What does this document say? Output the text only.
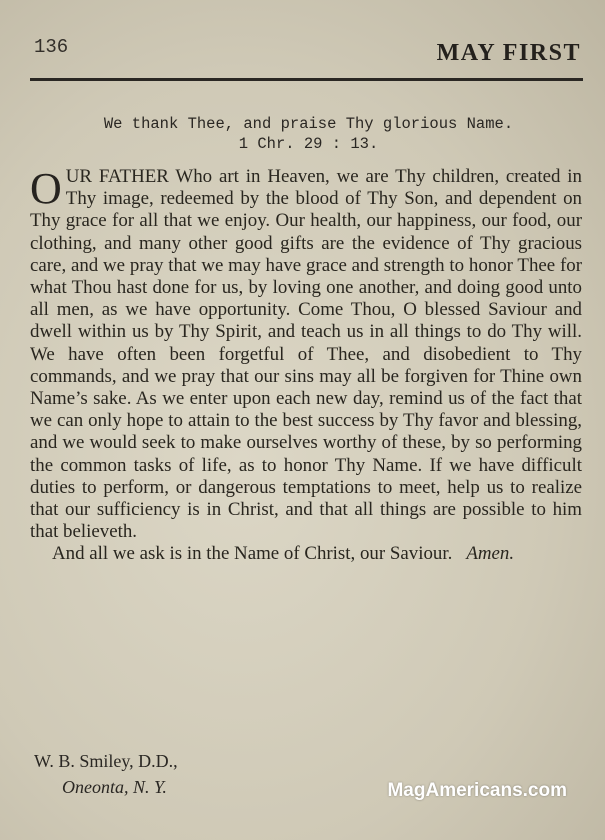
136	MAY FIRST
We thank Thee, and praise Thy glorious Name.
1 Chr. 29 : 13.

OUR FATHER Who art in Heaven, we are Thy children, created in Thy image, redeemed by the blood of Thy Son, and dependent on Thy grace for all that we enjoy. Our health, our happiness, our food, our clothing, and many other good gifts are the evidence of Thy gracious care, and we pray that we may have grace and strength to honor Thee for what Thou hast done for us, by loving one another, and doing good unto all men, as we have opportunity. Come Thou, O blessed Saviour and dwell within us by Thy Spirit, and teach us in all things to do Thy will. We have often been forgetful of Thee, and disobedient to Thy commands, and we pray that our sins may all be forgiven for Thine own Name’s sake. As we enter upon each new day, remind us of the fact that we can only hope to attain to the best success by Thy favor and blessing, and we would seek to make ourselves worthy of these, by so performing the common tasks of life, as to honor Thy Name. If we have difficult duties to perform, or dangerous temptations to meet, help us to realize that our sufficiency is in Christ, and that all things are possible to him that believeth.

And all we ask is in the Name of Christ, our Saviour. Amen.

W. B. Smiley, D.D.,
Oneonta, N. Y.	MagAmericans.com
